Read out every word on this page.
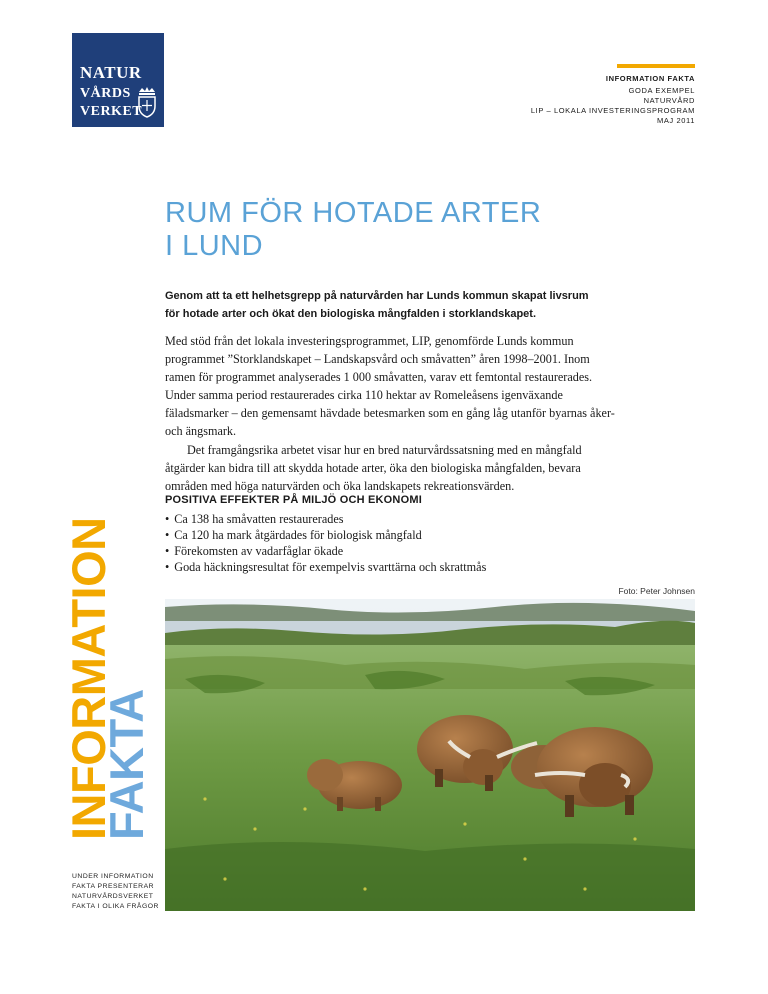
NATUR
VÅRDS
VERKET
INFORMATION FAKTA
GODA EXEMPEL
NATURVÅRD
LIP – LOKALA INVESTERINGSPROGRAM
MAJ 2011
RUM FÖR HOTADE ARTER
I LUND
Genom att ta ett helhetsgrepp på naturvården har Lunds kommun skapat livsrum för hotade arter och ökat den biologiska mångfalden i storklandskapet.

Med stöd från det lokala investeringsprogrammet, LIP, genomförde Lunds kommun programmet ”Storklandskapet – Landskapsvård och småvatten” åren 1998–2001. Inom ramen för programmet analyserades 1 000 småvatten, varav ett femtontal restaurerades. Under samma period restaurerades cirka 110 hektar av Romeleåsens igenväxande fäladsmarker – den gemensamt hävdade betesmarken som en gång låg utanför byarnas åker- och ängsmark.

Det framgångsrika arbetet visar hur en bred naturvårdssatsning med en mångfald åtgärder kan bidra till att skydda hotade arter, öka den biologiska mångfalden, bevara områden med höga naturvärden och öka landskapets rekreationsvärden.

POSITIVA EFFEKTER PÅ MILJÖ OCH EKONOMI
• Ca 138 ha småvatten restaurerades
• Ca 120 ha mark åtgärdades för biologisk mångfald
• Förekomsten av vadarfåglar ökade
• Goda häckningsresultat för exempelvis svarttärna och skrattmås
Foto: Peter Johnsen
INFORMATION
FAKTA
UNDER INFORMATION
FAKTA PRESENTERAR
NATURVÅRDSVERKET
FAKTA I OLIKA FRÅGOR
